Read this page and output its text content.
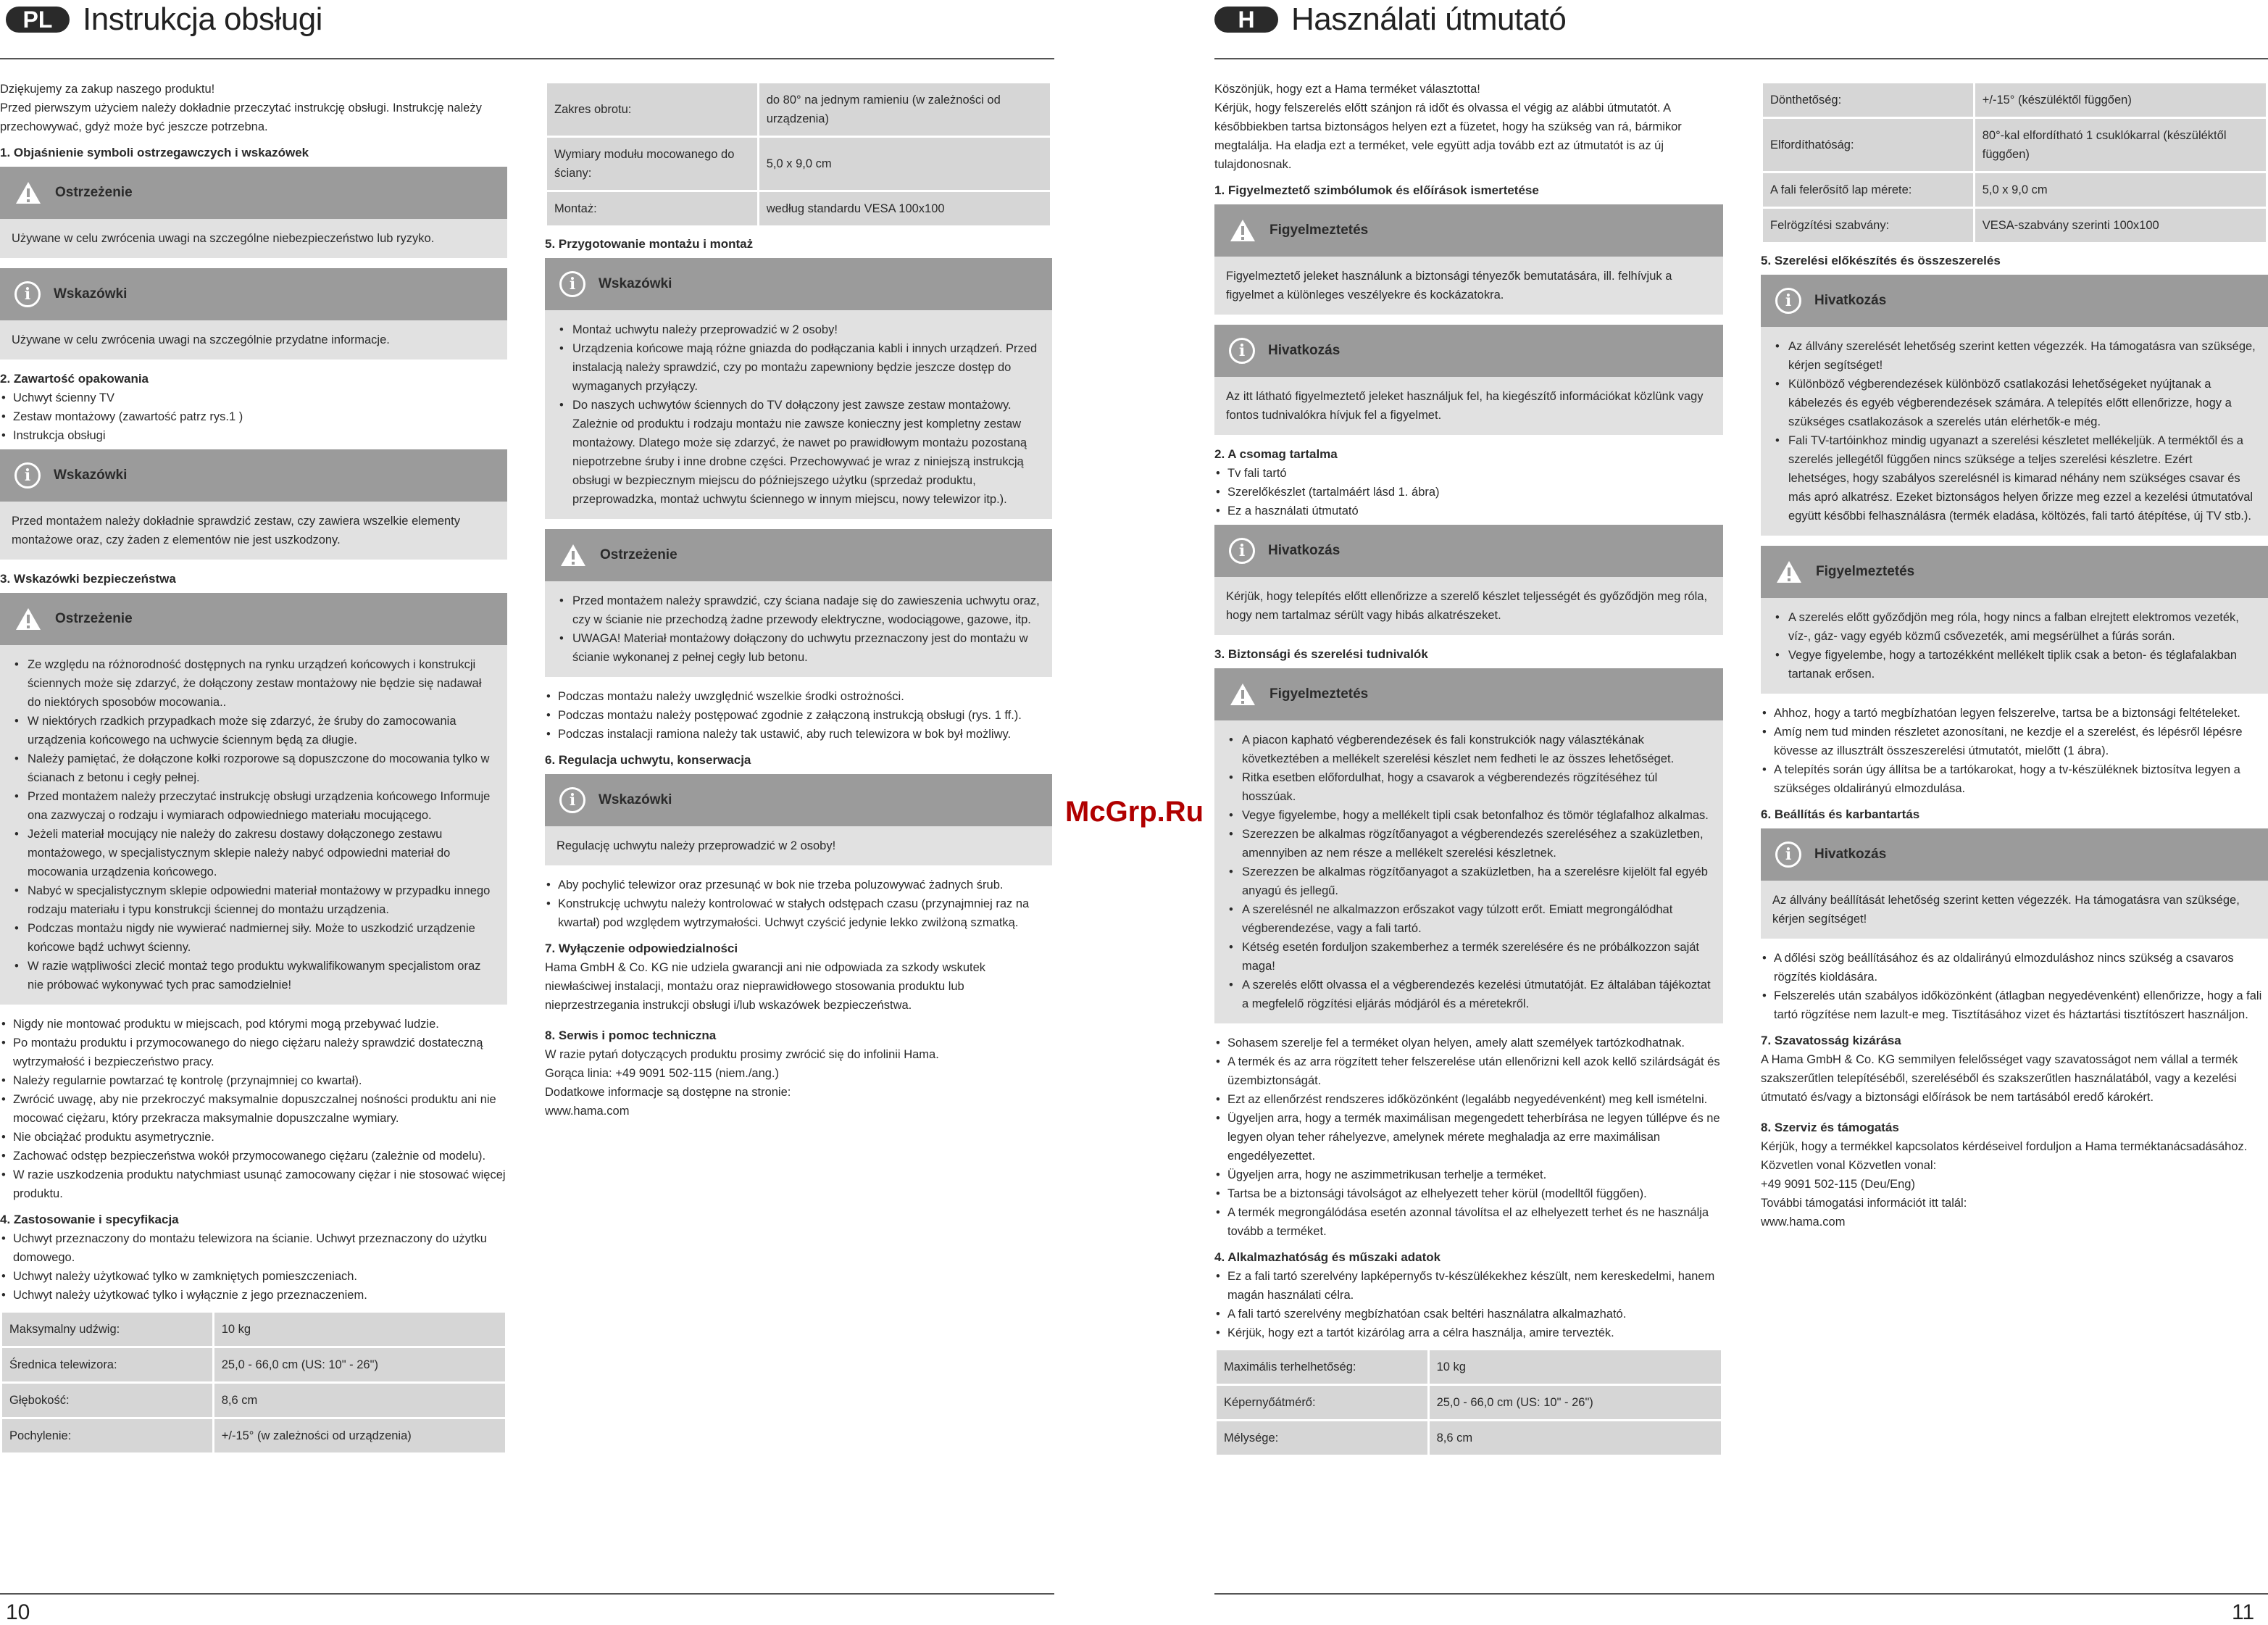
PL Instrukcja obsługi	H	Használati útmutató
10	11
McGrp.Ru
Dziękujemy za zakup naszego produktu!
Przed pierwszym użyciem należy dokładnie przeczytać instrukcję obsługi. Instrukcję należy przechowywać, gdyż może być jeszcze potrzebna.
1. Objaśnienie symboli ostrzegawczych i wskazówek
Ostrzeżenie
Używane w celu zwrócenia uwagi na szczególne niebezpieczeństwo lub ryzyko.
i	Wskazówki
Używane w celu zwrócenia uwagi na szczególnie przydatne informacje.
2. Zawartość opakowania
• Uchwyt ścienny TV
• Zestaw montażowy (zawartość patrz rys.1 )
• Instrukcja obsługi
i	Wskazówki
Przed montażem należy dokładnie sprawdzić zestaw, czy zawiera wszelkie elementy montażowe oraz, czy żaden z elementów nie jest uszkodzony.
3. Wskazówki bezpieczeństwa
Ostrzeżenie
• Ze względu na różnorodność dostępnych na rynku urządzeń końcowych i konstrukcji ściennych może się zdarzyć, że dołączony zestaw montażowy nie będzie się nadawał do niektórych sposobów mocowania..
• W niektórych rzadkich przypadkach może się zdarzyć, że śruby do zamocowania urządzenia końcowego na uchwycie ściennym będą za długie.
• Należy pamiętać, że dołączone kołki rozporowe są dopuszczone do mocowania tylko w ścianach z betonu i cegły pełnej.
• Przed montażem należy przeczytać instrukcję obsługi urządzenia końcowego Informuje ona zazwyczaj o rodzaju i wymiarach odpowiedniego materiału mocującego.
• Jeżeli materiał mocujący nie należy do zakresu dostawy dołączonego zestawu montażowego, w specjalistycznym sklepie należy nabyć odpowiedni materiał do mocowania urządzenia końcowego.
• Nabyć w specjalistycznym sklepie odpowiedni materiał montażowy w przypadku innego rodzaju materiału i typu konstrukcji ściennej do montażu urządzenia.
• Podczas montażu nigdy nie wywierać nadmiernej siły. Może to uszkodzić urządzenie końcowe bądź uchwyt ścienny.
• W razie wątpliwości zlecić montaż tego produktu wykwalifikowanym specjalistom oraz nie próbować wykonywać tych prac samodzielnie!
• Nigdy nie montować produktu w miejscach, pod którymi mogą przebywać ludzie.
• Po montażu produktu i przymocowanego do niego ciężaru należy sprawdzić dostateczną wytrzymałość i bezpieczeństwo pracy.
• Należy regularnie powtarzać tę kontrolę (przynajmniej co kwartał).
• Zwrócić uwagę, aby nie przekroczyć maksymalnie dopuszczalnej nośności produktu ani nie mocować ciężaru, który przekracza maksymalnie dopuszczalne wymiary.
• Nie obciążać produktu asymetrycznie.
• Zachować odstęp bezpieczeństwa wokół przymocowanego ciężaru (zależnie od modelu).
• W razie uszkodzenia produktu natychmiast usunąć zamocowany ciężar i nie stosować więcej produktu.
4. Zastosowanie i specyfikacja
• Uchwyt przeznaczony do montażu telewizora na ścianie. Uchwyt przeznaczony do użytku domowego.
• Uchwyt należy użytkować tylko w zamkniętych pomieszczeniach.
• Uchwyt należy użytkować tylko i wyłącznie z jego przeznaczeniem.
Maksymalny udźwig:	10 kg
Średnica telewizora:	25,0 - 66,0 cm (US: 10" - 26")
Głębokość:	8,6 cm
Pochylenie:	+/-15° (w zależności od urządzenia)
Zakres obrotu:	do 80° na jednym ramieniu (w zależności od urządzenia)
Wymiary modułu mocowanego do ściany:	5,0 x 9,0 cm
Montaż:	według standardu VESA 100x100
5. Przygotowanie montażu i montaż
i	Wskazówki
• Montaż uchwytu należy przeprowadzić w 2 osoby!
• Urządzenia końcowe mają różne gniazda do podłączania kabli i innych urządzeń. Przed instalacją należy sprawdzić, czy po montażu zapewniony będzie jeszcze dostęp do wymaganych przyłączy.
• Do naszych uchwytów ściennych do TV dołączony jest zawsze zestaw montażowy. Zależnie od produktu i rodzaju montażu nie zawsze konieczny jest kompletny zestaw montażowy. Dlatego może się zdarzyć, że nawet po prawidłowym montażu pozostaną niepotrzebne śruby i inne drobne części. Przechowywać je wraz z niniejszą instrukcją obsługi w bezpiecznym miejscu do późniejszego użytku (sprzedaż produktu, przeprowadzka, montaż uchwytu ściennego w innym miejscu, nowy telewizor itp.).
Ostrzeżenie
• Przed montażem należy sprawdzić, czy ściana nadaje się do zawieszenia uchwytu oraz, czy w ścianie nie przechodzą żadne przewody elektryczne, wodociągowe, gazowe, itp.
• UWAGA! Materiał montażowy dołączony do uchwytu przeznaczony jest do montażu w ścianie wykonanej z pełnej cegły lub betonu.
• Podczas montażu należy uwzględnić wszelkie środki ostrożności.
• Podczas montażu należy postępować zgodnie z załączoną instrukcją obsługi (rys. 1 ff.).
• Podczas instalacji ramiona należy tak ustawić, aby ruch telewizora w bok był możliwy.
6. Regulacja uchwytu, konserwacja
i	Wskazówki
Regulację uchwytu należy przeprowadzić w 2 osoby!
• Aby pochylić telewizor oraz przesunąć w bok nie trzeba poluzowywać żadnych śrub.
• Konstrukcję uchwytu należy kontrolować w stałych odstępach czasu (przynajmniej raz na kwartał) pod względem wytrzymałości. Uchwyt czyścić jedynie lekko zwilżoną szmatką.
7. Wyłączenie odpowiedzialności
Hama GmbH & Co. KG nie udziela gwarancji ani nie odpowiada za szkody wskutek niewłaściwej instalacji, montażu oraz nieprawidłowego stosowania produktu lub nieprzestrzegania instrukcji obsługi i/lub wskazówek bezpieczeństwa.
8. Serwis i pomoc techniczna
W razie pytań dotyczących produktu prosimy zwrócić się do infolinii Hama.
Gorąca linia: +49 9091 502-115 (niem./ang.)
Dodatkowe informacje są dostępne na stronie:
www.hama.com
Köszönjük, hogy ezt a Hama terméket választotta!
Kérjük, hogy felszerelés előtt szánjon rá időt és olvassa el végig az alábbi útmutatót. A későbbiekben tartsa biztonságos helyen ezt a füzetet, hogy ha szükség van rá, bármikor megtalálja. Ha eladja ezt a terméket, vele együtt adja tovább ezt az útmutatót is az új tulajdonosnak.
1. Figyelmeztető szimbólumok és előírások ismertetése
Figyelmeztetés
Figyelmeztető jeleket használunk a biztonsági tényezők bemutatására, ill. felhívjuk a figyelmet a különleges veszélyekre és kockázatokra.
i	Hivatkozás
Az itt látható figyelmeztető jeleket használjuk fel, ha kiegészítő információkat közlünk vagy fontos tudnivalókra hívjuk fel a figyelmet.
2. A csomag tartalma
• Tv fali tartó
• Szerelőkészlet (tartalmáért lásd 1. ábra)
• Ez a használati útmutató
i	Hivatkozás
Kérjük, hogy telepítés előtt ellenőrizze a szerelő készlet teljességét és győződjön meg róla, hogy nem tartalmaz sérült vagy hibás alkatrészeket.
3. Biztonsági és szerelési tudnivalók
Figyelmeztetés
• A piacon kapható végberendezések és fali konstrukciók nagy választékának következtében a mellékelt szerelési készlet nem fedheti le az összes lehetőséget.
• Ritka esetben előfordulhat, hogy a csavarok a végberendezés rögzítéséhez túl hosszúak.
• Vegye figyelembe, hogy a mellékelt tipli csak betonfalhoz és tömör téglafalhoz alkalmas.
• Szerezzen be alkalmas rögzítőanyagot a végberendezés szereléséhez a szaküzletben, amennyiben az nem része a mellékelt szerelési készletnek.
• Szerezzen be alkalmas rögzítőanyagot a szaküzletben, ha a szerelésre kijelölt fal egyéb anyagú és jellegű.
• A szerelésnél ne alkalmazzon erőszakot vagy túlzott erőt. Emiatt megrongálódhat végberendezése, vagy a fali tartó.
• Kétség esetén forduljon szakemberhez a termék szerelésére és ne próbálkozzon saját maga!
• A szerelés előtt olvassa el a végberendezés kezelési útmutatóját. Ez általában tájékoztat a megfelelő rögzítési eljárás módjáról és a méretekről.
• Sohasem szerelje fel a terméket olyan helyen, amely alatt személyek tartózkodhatnak.
• A termék és az arra rögzített teher felszerelése után ellenőrizni kell azok kellő szilárdságát és üzembiztonságát.
• Ezt az ellenőrzést rendszeres időközönként (legalább negyedévenként) meg kell ismételni.
• Ügyeljen arra, hogy a termék maximálisan megengedett teherbírása ne legyen túllépve és ne legyen olyan teher ráhelyezve, amelynek mérete meghaladja az erre maximálisan engedélyezettet.
• Ügyeljen arra, hogy ne aszimmetrikusan terhelje a terméket.
• Tartsa be a biztonsági távolságot az elhelyezett teher körül (modelltől függően).
• A termék megrongálódása esetén azonnal távolítsa el az elhelyezett terhet és ne használja tovább a terméket.
4. Alkalmazhatóság és műszaki adatok
• Ez a fali tartó szerelvény lapképernyős tv-készülékekhez készült, nem kereskedelmi, hanem magán használati célra.
• A fali tartó szerelvény megbízhatóan csak beltéri használatra alkalmazható.
• Kérjük, hogy ezt a tartót kizárólag arra a célra használja, amire tervezték.
Maximális terhelhetőség:	10 kg
Képernyőátmérő:	25,0 - 66,0 cm (US: 10" - 26")
Mélysége:	8,6 cm
Dönthetőség:	+/-15° (készüléktől függően)
Elfordíthatóság:	80°-kal elfordítható 1 csuklókarral (készüléktől függően)
A fali felerősítő lap mérete:	5,0 x 9,0 cm
Felrögzítési szabvány:	VESA-szabvány szerinti 100x100
5. Szerelési előkészítés és összeszerelés
i	Hivatkozás
• Az állvány szerelését lehetőség szerint ketten végezzék. Ha támogatásra van szüksége, kérjen segítséget!
• Különböző végberendezések különböző csatlakozási lehetőségeket nyújtanak a kábelezés és egyéb végberendezések számára. A telepítés előtt ellenőrizze, hogy a szükséges csatlakozások a szerelés után elérhetők-e még.
• Fali TV-tartóinkhoz mindig ugyanazt a szerelési készletet mellékeljük. A terméktől és a szerelés jellegétől függően nincs szüksége a teljes szerelési készletre. Ezért lehetséges, hogy szabályos szerelésnél is kimarad néhány nem szükséges csavar és más apró alkatrész. Ezeket biztonságos helyen őrizze meg ezzel a kezelési útmutatóval együtt későbbi felhasználásra (termék eladása, költözés, fali tartó átépítése, új TV stb.).
Figyelmeztetés
• A szerelés előtt győződjön meg róla, hogy nincs a falban elrejtett elektromos vezeték, víz-, gáz- vagy egyéb közmű csővezeték, ami megsérülhet a fúrás során.
• Vegye figyelembe, hogy a tartozékként mellékelt tiplik csak a beton- és téglafalakban tartanak erősen.
• Ahhoz, hogy a tartó megbízhatóan legyen felszerelve, tartsa be a biztonsági feltételeket.
• Amíg nem tud minden részletet azonosítani, ne kezdje el a szerelést, és lépésről lépésre kövesse az illusztrált összeszerelési útmutatót, mielőtt (1 ábra).
• A telepítés során úgy állítsa be a tartókarokat, hogy a tv-készüléknek biztosítva legyen a szükséges oldalirányú elmozdulása.
6. Beállítás és karbantartás
i	Hivatkozás
Az állvány beállítását lehetőség szerint ketten végezzék. Ha támogatásra van szüksége, kérjen segítséget!
• A dőlési szög beállításához és az oldalirányú elmozduláshoz nincs szükség a csavaros rögzítés kioldására.
• Felszerelés után szabályos időközönként (átlagban negyedévenként) ellenőrizze, hogy a fali tartó rögzítése nem lazult-e meg. Tisztításához vizet és háztartási tisztítószert használjon.
7. Szavatosság kizárása
A Hama GmbH & Co. KG semmilyen felelősséget vagy szavatosságot nem vállal a termék szakszerűtlen telepítéséből, szereléséből és szakszerűtlen használatából, vagy a kezelési útmutató és/vagy a biztonsági előírások be nem tartásából eredő károkért.
8. Szerviz és támogatás
Kérjük, hogy a termékkel kapcsolatos kérdéseivel forduljon a Hama terméktanácsadásához.
Közvetlen vonal Közvetlen vonal:
+49 9091 502-115 (Deu/Eng)
További támogatási információt itt talál:
www.hama.com
